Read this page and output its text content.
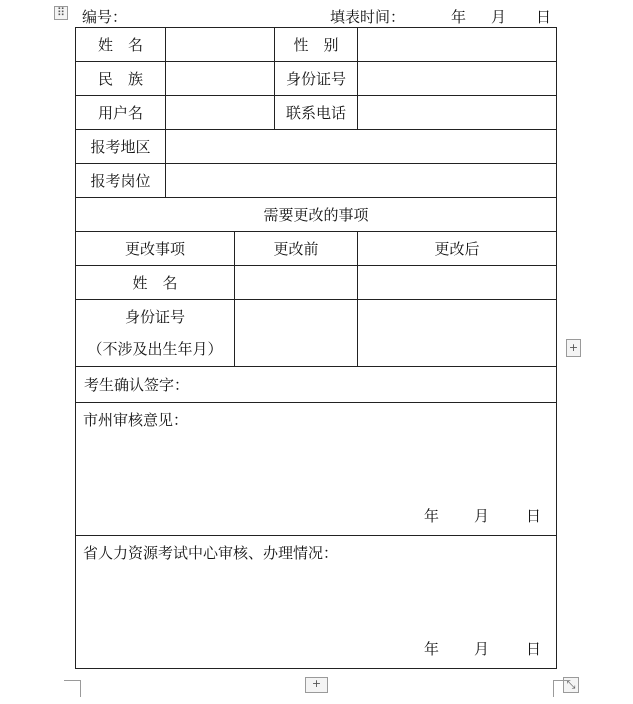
⠿ 编号：	填表时间：	年 月 日
姓　名			性　别	
民　族			身份证号	
用户名			联系电话	
报考地区				
报考岗位				
需要更改的事项				
更改事项		更改前		更改后
姓　名				

身份证号
（不涉及出生年月）				

考生确认签字：				

市州审核意见：
年 月 日				

省人力资源考试中心审核、办理情况：
年 月 日				
+
+	⤡
